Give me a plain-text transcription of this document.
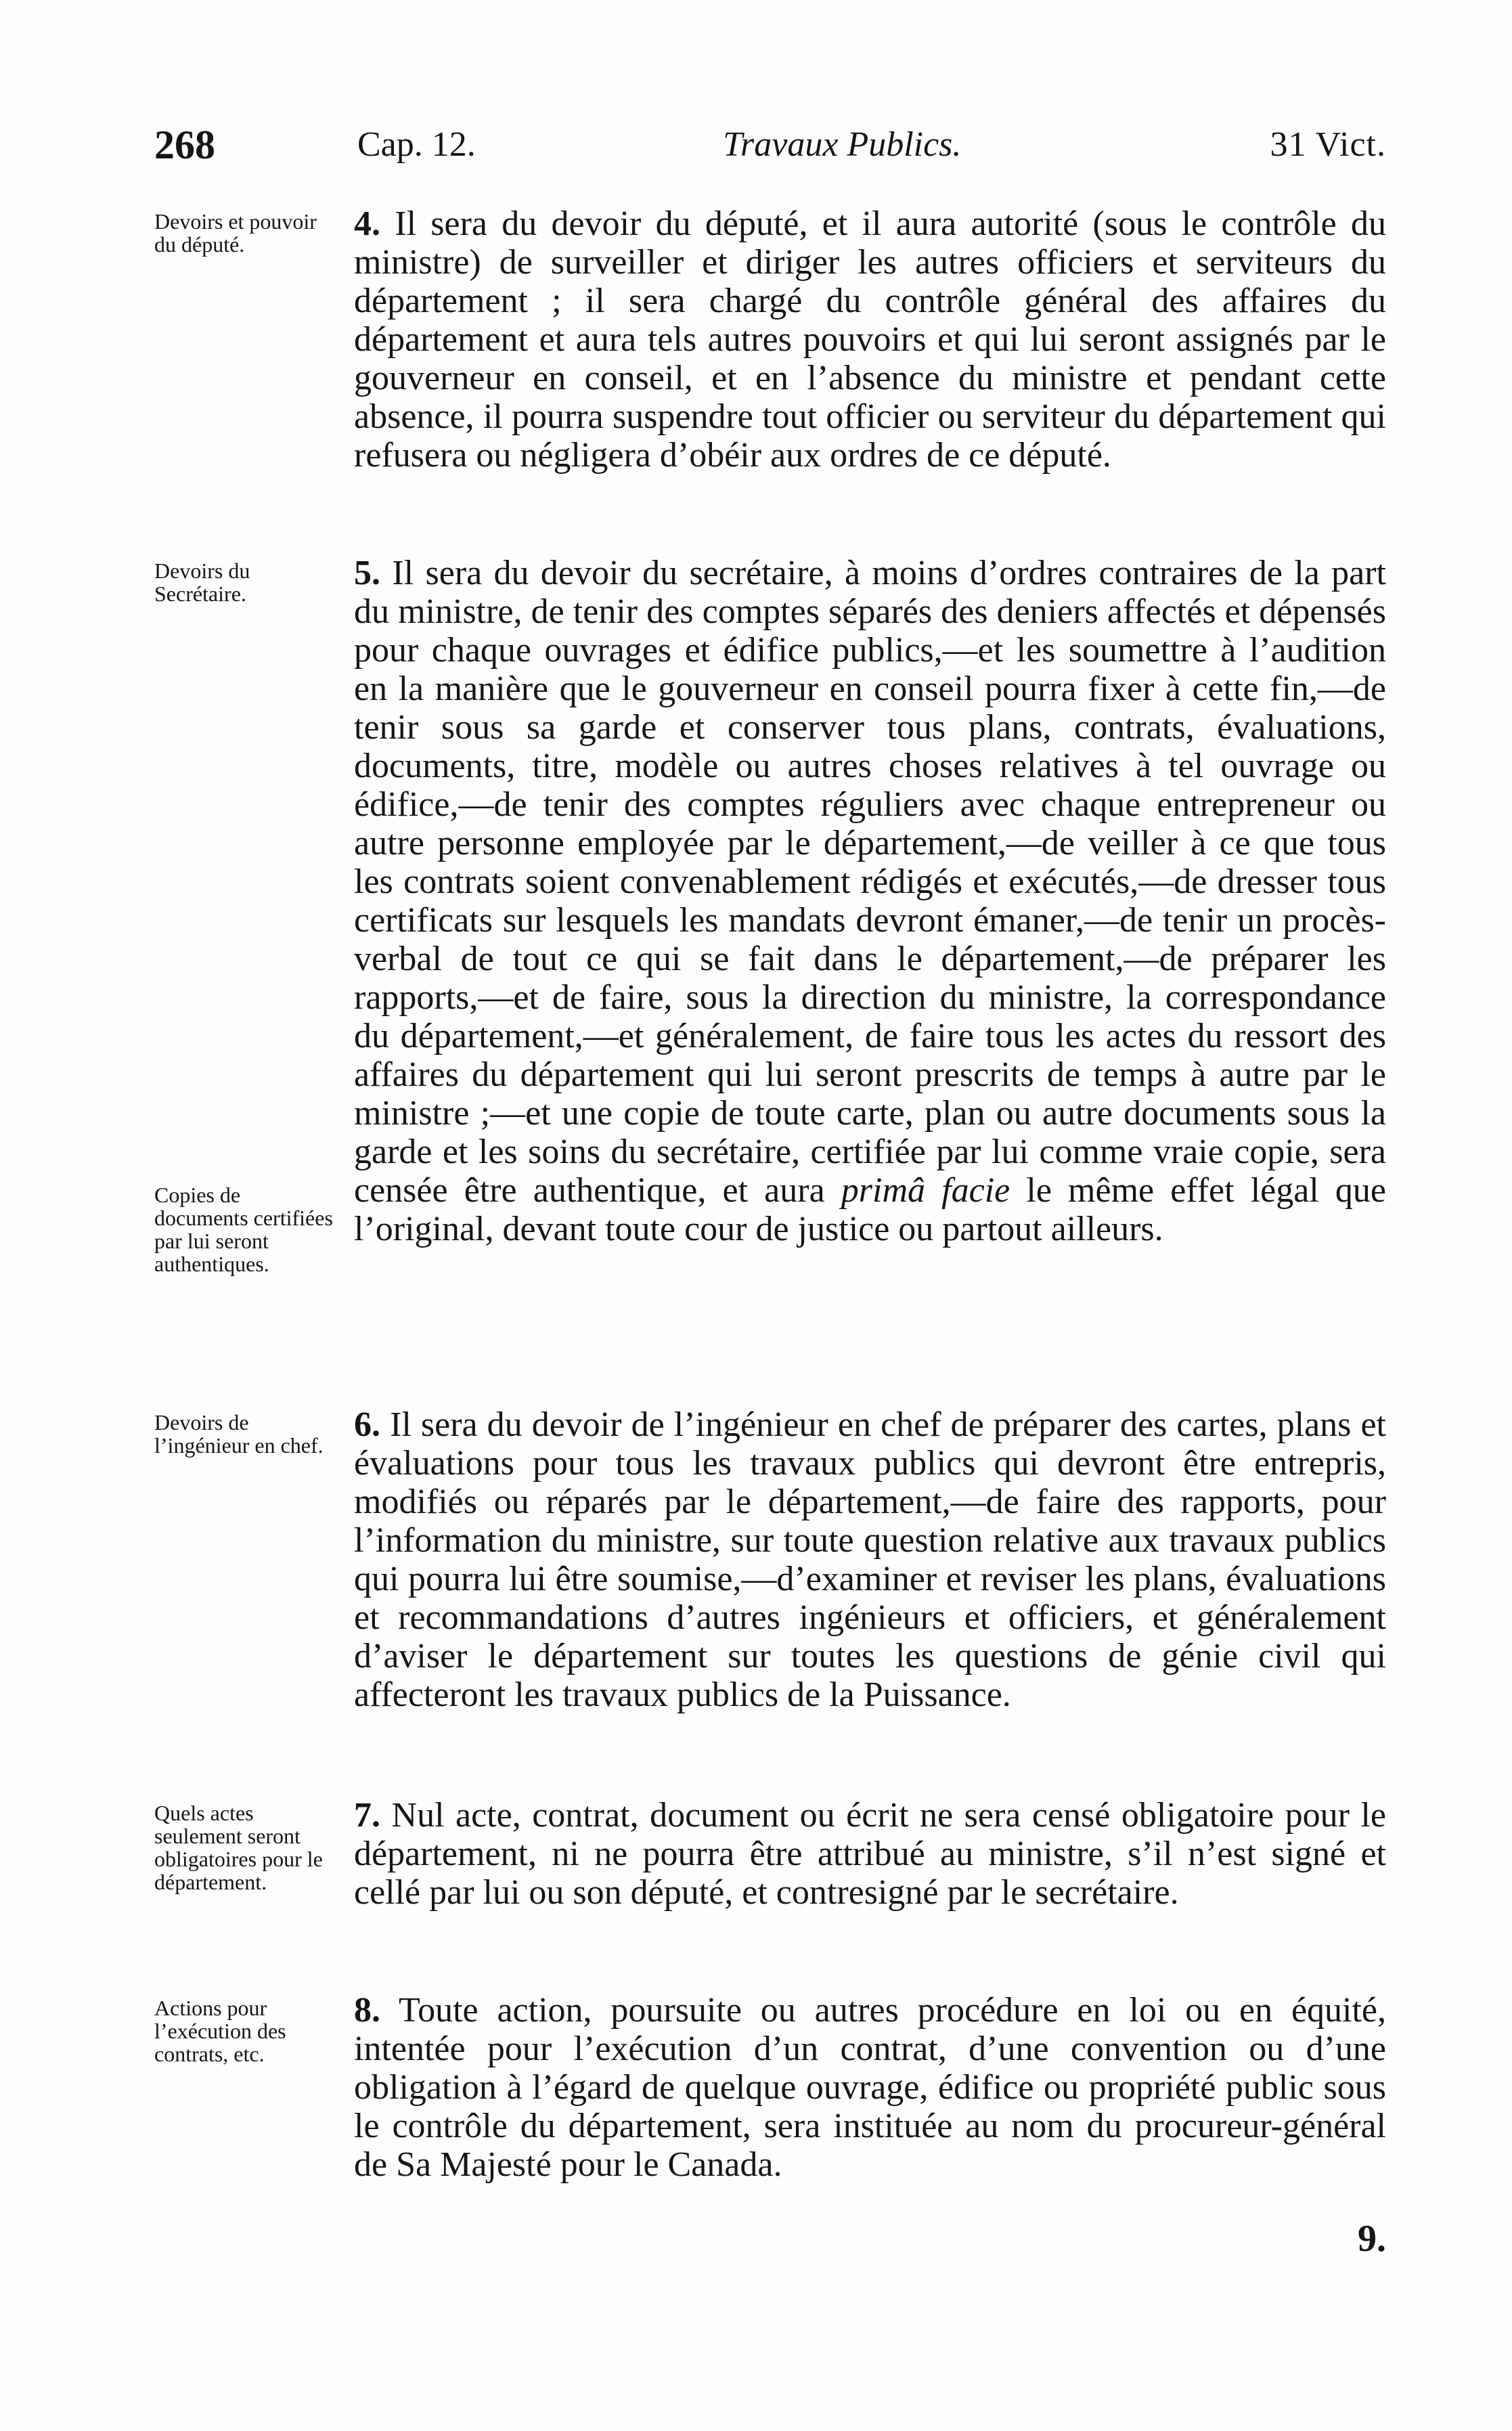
268	Cap. 12.	Travaux Publics.	31 Vict.
Devoirs et pouvoir du député.
4. Il sera du devoir du député, et il aura autorité (sous le contrôle du ministre) de surveiller et diriger les autres officiers et serviteurs du département ; il sera chargé du contrôle général des affaires du département et aura tels autres pouvoirs et qui lui seront assignés par le gouverneur en conseil, et en l’absence du ministre et pendant cette absence, il pourra suspendre tout officier ou serviteur du département qui refusera ou négligera d’obéir aux ordres de ce député.
Devoirs du Secrétaire.
Copies de documents certifiées par lui seront authentiques.
5. Il sera du devoir du secrétaire, à moins d’ordres contraires de la part du ministre, de tenir des comptes séparés des deniers affectés et dépensés pour chaque ouvrages et édifice publics,—et les soumettre à l’audition en la manière que le gouverneur en conseil pourra fixer à cette fin,—de tenir sous sa garde et conserver tous plans, contrats, évaluations, documents, titre, modèle ou autres choses relatives à tel ouvrage ou édifice,—de tenir des comptes réguliers avec chaque entrepreneur ou autre personne employée par le département,—de veiller à ce que tous les contrats soient convenablement rédigés et exécutés,—de dresser tous certificats sur lesquels les mandats devront émaner,—de tenir un procès-verbal de tout ce qui se fait dans le département,—de préparer les rapports,—et de faire, sous la direction du ministre, la correspondance du département,—et généralement, de faire tous les actes du ressort des affaires du département qui lui seront prescrits de temps à autre par le ministre ;—et une copie de toute carte, plan ou autre documents sous la garde et les soins du secrétaire, certifiée par lui comme vraie copie, sera censée être authentique, et aura primâ facie le même effet légal que l’original, devant toute cour de justice ou partout ailleurs.
Devoirs de l’ingénieur en chef.
6. Il sera du devoir de l’ingénieur en chef de préparer des cartes, plans et évaluations pour tous les travaux publics qui devront être entrepris, modifiés ou réparés par le département,—de faire des rapports, pour l’information du ministre, sur toute question relative aux travaux publics qui pourra lui être soumise,—d’examiner et reviser les plans, évaluations et recommandations d’autres ingénieurs et officiers, et généralement d’aviser le département sur toutes les questions de génie civil qui affecteront les travaux publics de la Puissance.
Quels actes seulement seront obligatoires pour le département.
7. Nul acte, contrat, document ou écrit ne sera censé obligatoire pour le département, ni ne pourra être attribué au ministre, s’il n’est signé et cellé par lui ou son député, et contresigné par le secrétaire.
Actions pour l’exécution des contrats, etc.
8. Toute action, poursuite ou autres procédure en loi ou en équité, intentée pour l’exécution d’un contrat, d’une convention ou d’une obligation à l’égard de quelque ouvrage, édifice ou propriété public sous le contrôle du département, sera instituée au nom du procureur-général de Sa Majesté pour le Canada.
9.
